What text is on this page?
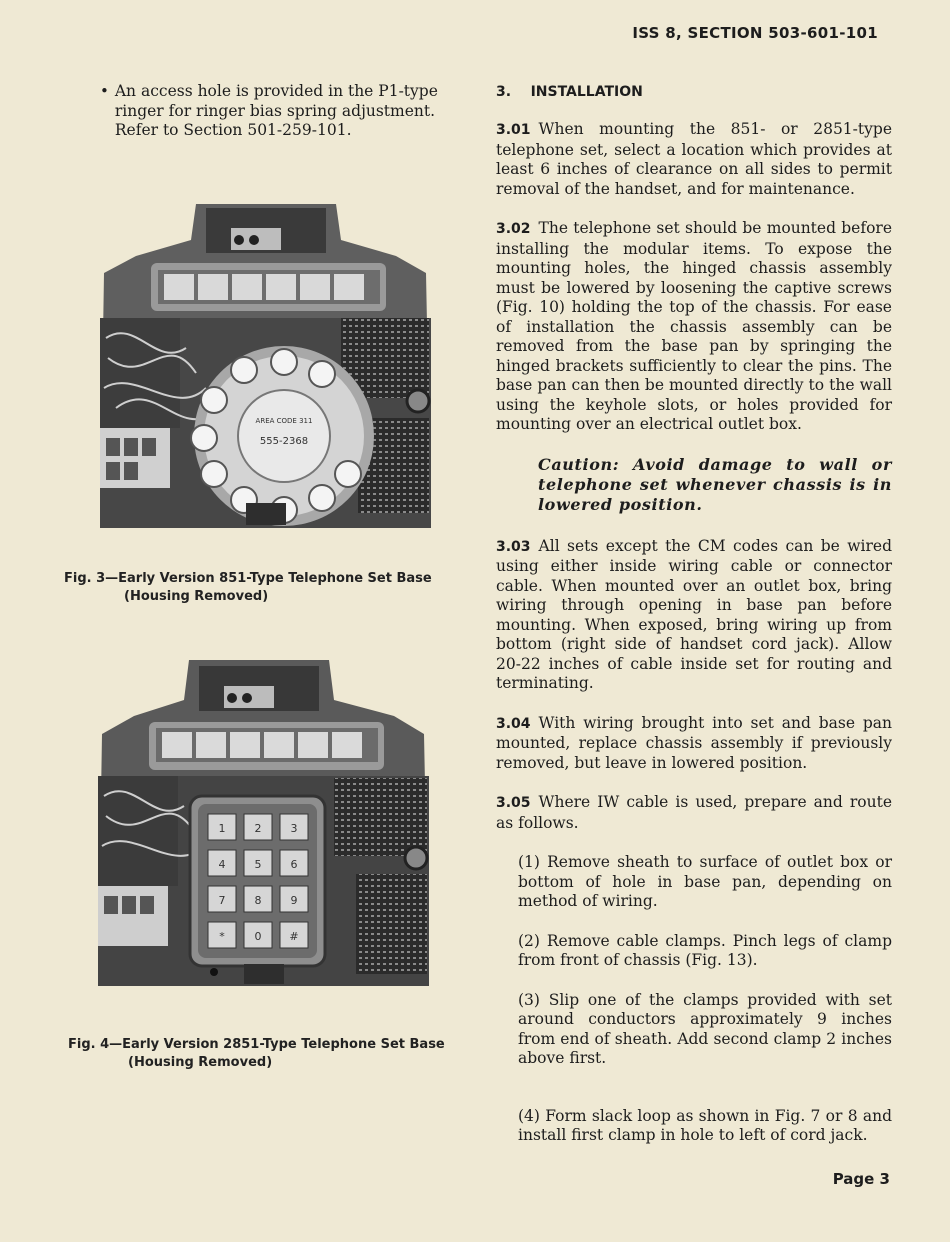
ISS 8, SECTION 503-601-101
• An access hole is provided in the P1-type ringer for ringer bias spring adjustment. Refer to Section 501-259-101.

AREA CODE 311
555-2368
Fig. 3—Early Version 851-Type Telephone Set Base
(Housing Removed)
1	2	3
4	5	6
7	8	9
*	0	#
Fig. 4—Early Version 2851-Type Telephone Set Base
(Housing Removed)
3. INSTALLATION

3.01 When mounting the 851- or 2851-type telephone set, select a location which provides at least 6 inches of clearance on all sides to permit removal of the handset, and for maintenance.

3.02 The telephone set should be mounted before installing the modular items. To expose the mounting holes, the hinged chassis assembly must be lowered by loosening the captive screws (Fig. 10) holding the top of the chassis. For ease of installation the chassis assembly can be removed from the base pan by springing the hinged brackets sufficiently to clear the pins. The base pan can then be mounted directly to the wall using the keyhole slots, or holes provided for mounting over an electrical outlet box.

Caution: Avoid damage to wall or telephone set whenever chassis is in lowered position.

3.03 All sets except the CM codes can be wired using either inside wiring cable or connector cable. When mounted over an outlet box, bring wiring through opening in base pan before mounting. When exposed, bring wiring up from bottom (right side of handset cord jack). Allow 20-22 inches of cable inside set for routing and terminating.

3.04 With wiring brought into set and base pan mounted, replace chassis assembly if previously removed, but leave in lowered position.

3.05 Where IW cable is used, prepare and route as follows.

(1) Remove sheath to surface of outlet box or bottom of hole in base pan, depending on method of wiring.

(2) Remove cable clamps. Pinch legs of clamp from front of chassis (Fig. 13).

(3) Slip one of the clamps provided with set around conductors approximately 9 inches from end of sheath. Add second clamp 2 inches above first.

(4) Form slack loop as shown in Fig. 7 or 8 and install first clamp in hole to left of cord jack.

Page 3
